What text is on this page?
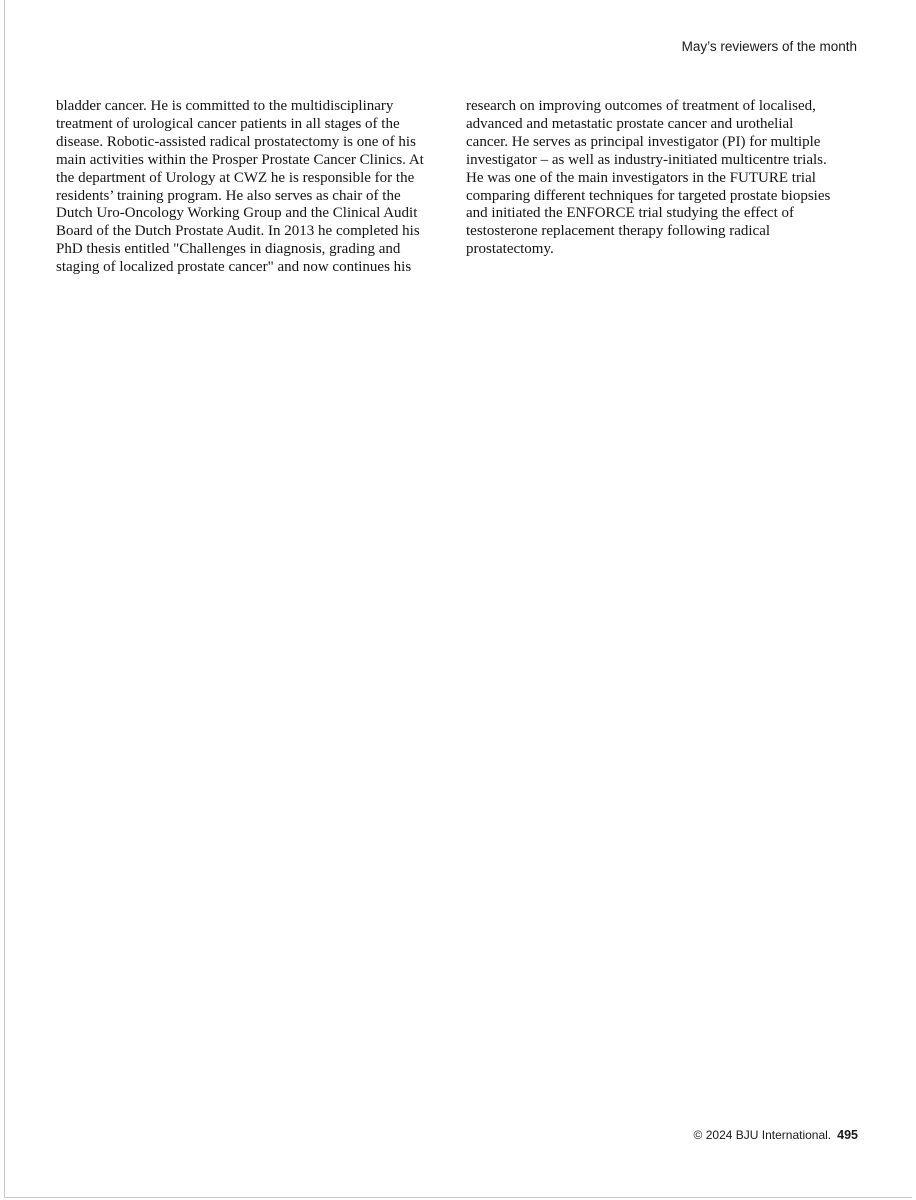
May’s reviewers of the month
bladder cancer. He is committed to the multidisciplinary
treatment of urological cancer patients in all stages of the
disease. Robotic-assisted radical prostatectomy is one of his
main activities within the Prosper Prostate Cancer Clinics. At
the department of Urology at CWZ he is responsible for the
residents’ training program. He also serves as chair of the
Dutch Uro-Oncology Working Group and the Clinical Audit
Board of the Dutch Prostate Audit. In 2013 he completed his
PhD thesis entitled "Challenges in diagnosis, grading and
staging of localized prostate cancer" and now continues his
research on improving outcomes of treatment of localised,
advanced and metastatic prostate cancer and urothelial
cancer. He serves as principal investigator (PI) for multiple
investigator – as well as industry-initiated multicentre trials.
He was one of the main investigators in the FUTURE trial
comparing different techniques for targeted prostate biopsies
and initiated the ENFORCE trial studying the effect of
testosterone replacement therapy following radical
prostatectomy.
© 2024 BJU International. 495
